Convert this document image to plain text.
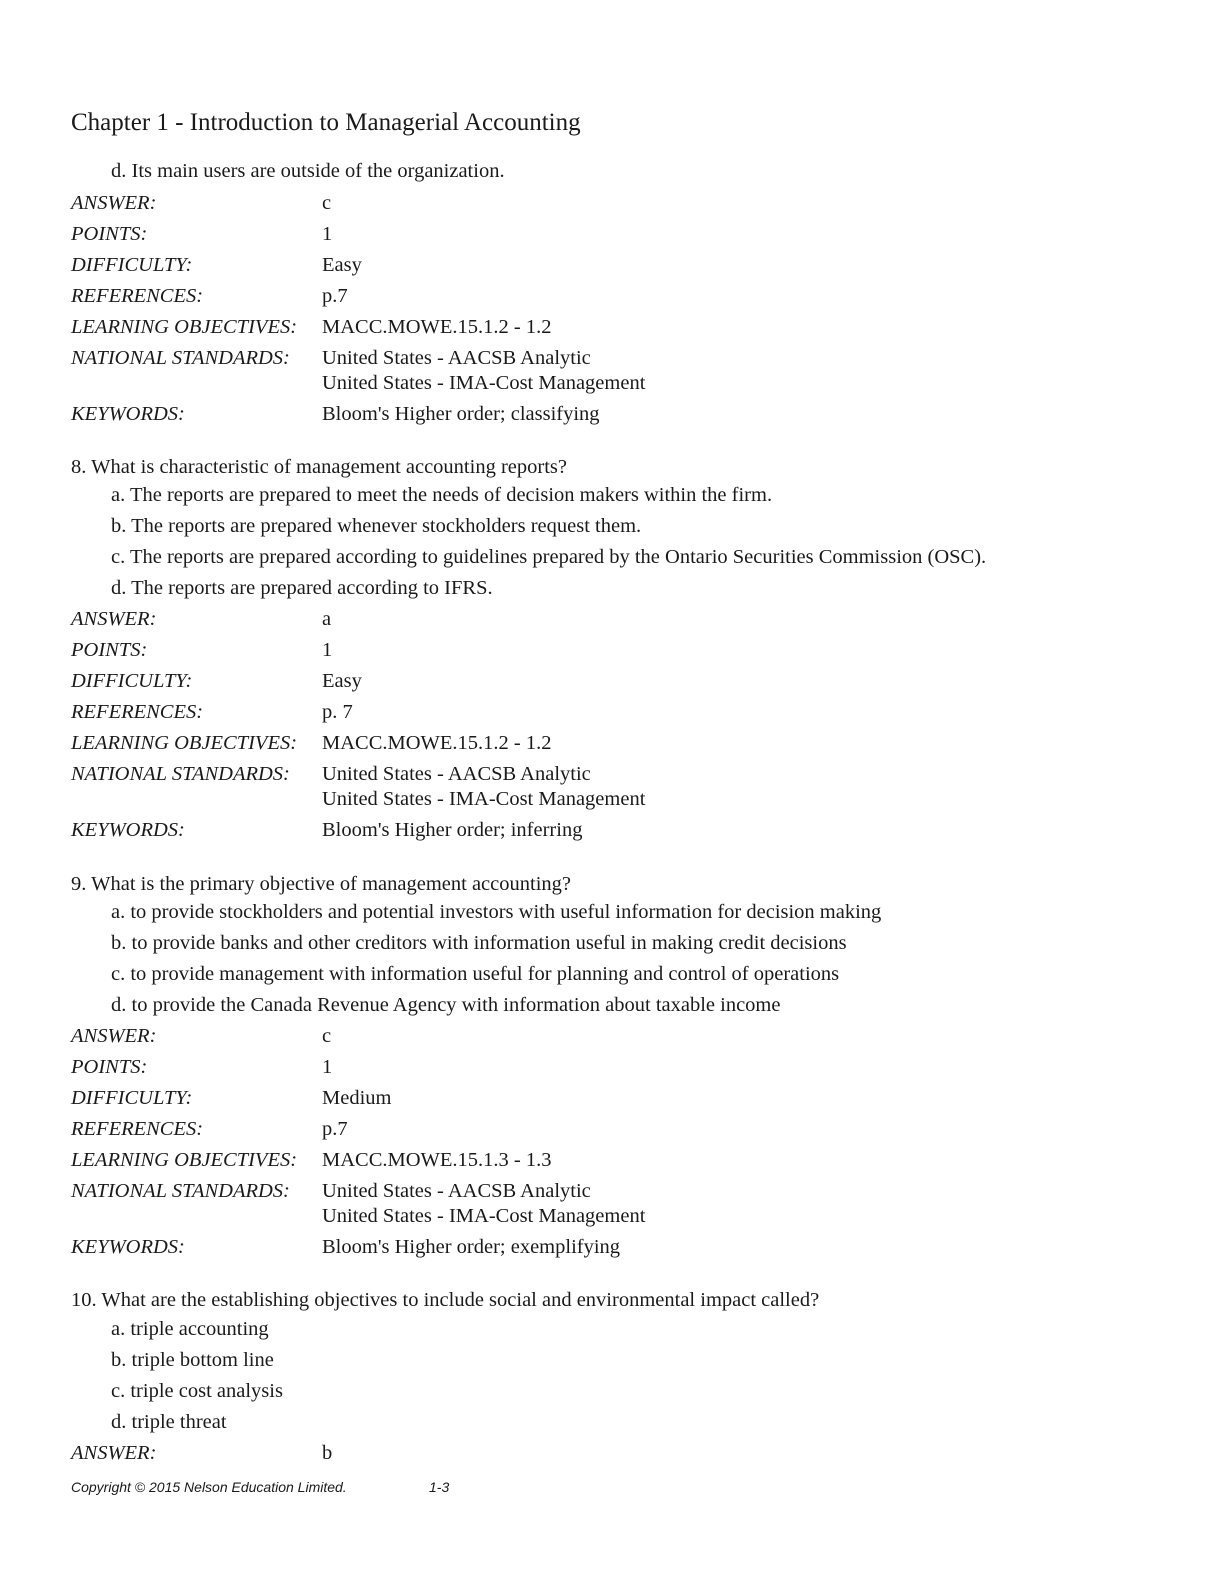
Chapter 1 - Introduction to Managerial Accounting
d. Its main users are outside of the organization.
ANSWER:	c
POINTS:	1
DIFFICULTY:	Easy
REFERENCES:	p.7
LEARNING OBJECTIVES: MACC.MOWE.15.1.2 - 1.2
NATIONAL STANDARDS: United States - AACSB Analytic
United States - IMA-Cost Management
KEYWORDS:	Bloom's Higher order; classifying
8. What is characteristic of management accounting reports?
a. The reports are prepared to meet the needs of decision makers within the firm.
b. The reports are prepared whenever stockholders request them.
c. The reports are prepared according to guidelines prepared by the Ontario Securities Commission (OSC).
d. The reports are prepared according to IFRS.
ANSWER:	a
POINTS:	1
DIFFICULTY:	Easy
REFERENCES:	p. 7
LEARNING OBJECTIVES: MACC.MOWE.15.1.2 - 1.2
NATIONAL STANDARDS: United States - AACSB Analytic
United States - IMA-Cost Management
KEYWORDS:	Bloom's Higher order; inferring
9. What is the primary objective of management accounting?
a. to provide stockholders and potential investors with useful information for decision making
b. to provide banks and other creditors with information useful in making credit decisions
c. to provide management with information useful for planning and control of operations
d. to provide the Canada Revenue Agency with information about taxable income
ANSWER:	c
POINTS:	1
DIFFICULTY:	Medium
REFERENCES:	p.7
LEARNING OBJECTIVES: MACC.MOWE.15.1.3 - 1.3
NATIONAL STANDARDS: United States - AACSB Analytic
United States - IMA-Cost Management
KEYWORDS:	Bloom's Higher order; exemplifying
10. What are the establishing objectives to include social and environmental impact called?
a. triple accounting
b. triple bottom line
c. triple cost analysis
d. triple threat
ANSWER:	b
Copyright © 2015 Nelson Education Limited.	1-3
